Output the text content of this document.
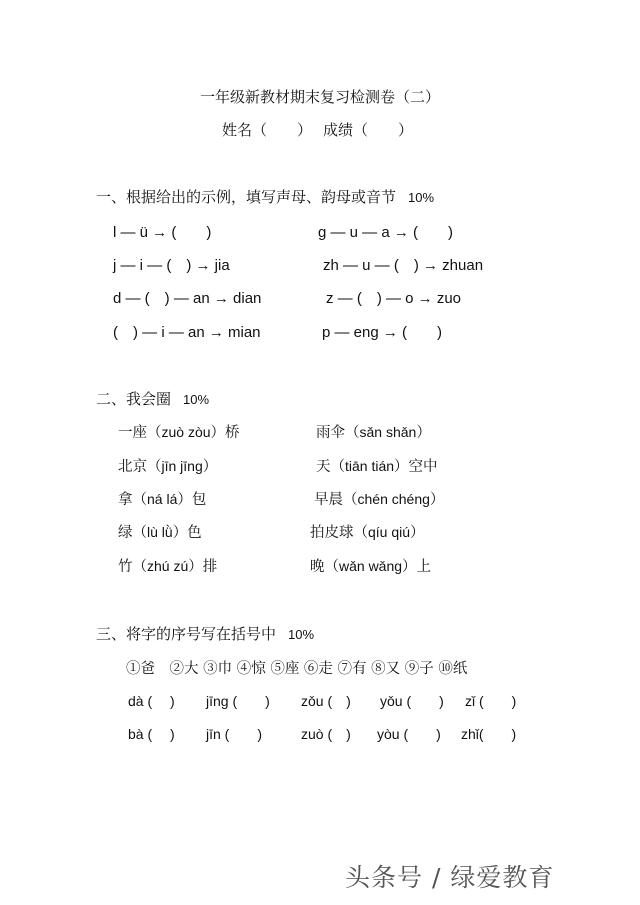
一年级新教材期末复习检测卷（二）
姓名（　　） 成绩（　　）
一、根据给出的示例，填写声母、韵母或音节 10%
l — ü → (　　)
j — i — (　) → jia
d — (　) — an → dian
(　) — i — an → mian
g — u — a → (　　)
zh — u — (　) → zhuan
z — (　) — o → zuo
p — eng → (　　)
二、我会圈 10%
一座（zuò zòu）桥
北京（jīn jīng）
拿（ná lá）包
绿（lù lǜ）色
竹（zhú zú）排
雨伞（sǎn shǎn）
天（tiān tián）空中
早晨（chén chéng）
拍皮球（qíu qiú）
晚（wǎn wǎng）上
三、将字的序号写在括号中 10%
①爸　②大 ③巾 ④惊 ⑤座 ⑥走 ⑦有 ⑧又 ⑨子 ⑩纸
dà (　 ) jīng (　　) zǒu (　) yǒu (　　) zǐ (　　)
bà (　 ) jīn (　　)	zuò (　) yòu (　　) zhǐ(　　)
头条号 / 绿爱教育
